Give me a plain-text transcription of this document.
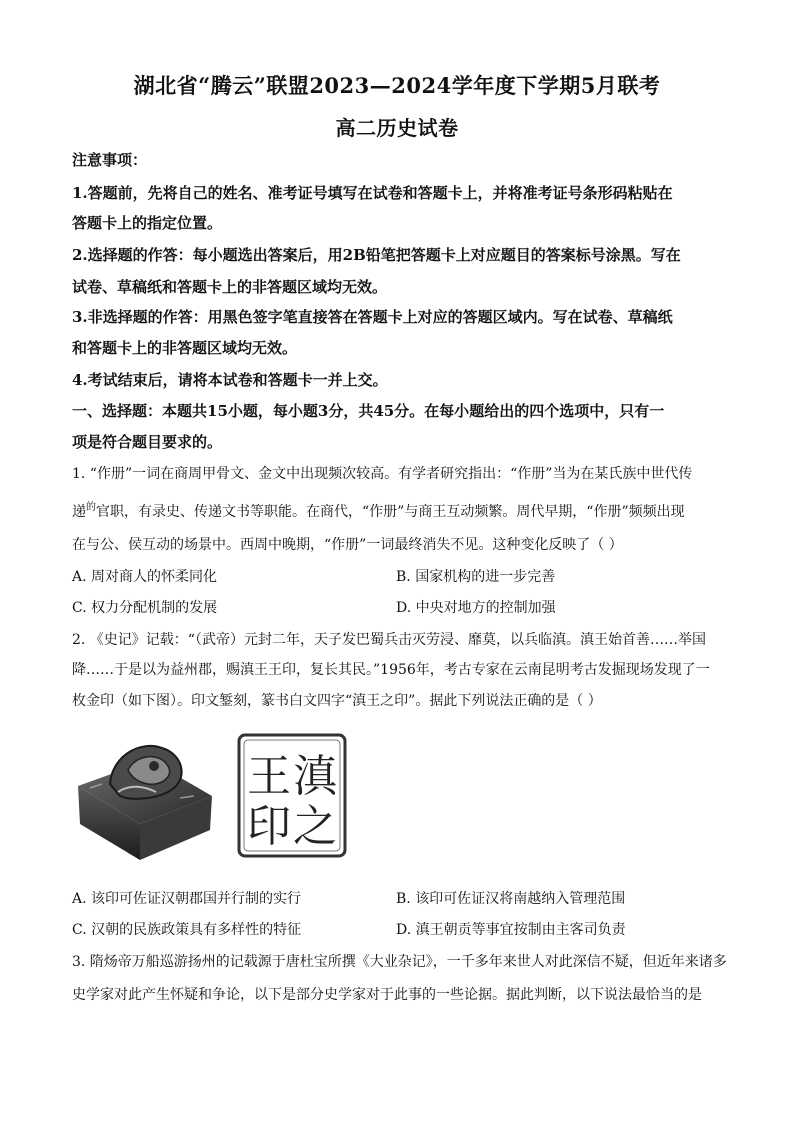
湖北省“腾云”联盟2023—2024学年度下学期5月联考
高二历史试卷
注意事项：
1.答题前，先将自己的姓名、准考证号填写在试卷和答题卡上，并将准考证号条形码粘贴在
答题卡上的指定位置。
2.选择题的作答：每小题选出答案后，用2B铅笔把答题卡上对应题目的答案标号涂黑。写在
试卷、草稿纸和答题卡上的非答题区域均无效。
3.非选择题的作答：用黑色签字笔直接答在答题卡上对应的答题区域内。写在试卷、草稿纸
和答题卡上的非答题区域均无效。
4.考试结束后，请将本试卷和答题卡一并上交。
一、选择题：本题共15小题，每小题3分，共45分。在每小题给出的四个选项中，只有一
项是符合题目要求的。
1. “作册”一词在商周甲骨文、金文中出现频次较高。有学者研究指出：“作册”当为在某氏族中世代传
递$^的$官职，有录史、传递文书等职能。在商代，“作册”与商王互动频繁。周代早期，“作册”频频出现
在与公、侯互动的场景中。西周中晚期，“作册”一词最终消失不见。这种变化反映了（ ）
A. 周对商人的怀柔同化	B. 国家机构的进一步完善
C. 权力分配机制的发展	D. 中央对地方的控制加强
2. 《史记》记载：“（武帝）元封二年，天子发巴蜀兵击灭劳浸、靡莫，以兵临滇。滇王始首善……举国
降……于是以为益州郡，赐滇王王印，复长其民。”1956年，考古专家在云南昆明考古发掘现场发现了一
枚金印（如下图）。印文錾刻，篆书白文四字“滇王之印”。据此下列说法正确的是（ ）
滇
王
之
印
A. 该印可佐证汉朝郡国并行制的实行	B. 该印可佐证汉将南越纳入管理范围
C. 汉朝的民族政策具有多样性的特征	D. 滇王朝贡等事宜按制由主客司负责
3. 隋炀帝万船巡游扬州的记载源于唐杜宝所撰《大业杂记》，一千多年来世人对此深信不疑，但近年来诸多
史学家对此产生怀疑和争论，以下是部分史学家对于此事的一些论据。据此判断，以下说法最恰当的是
